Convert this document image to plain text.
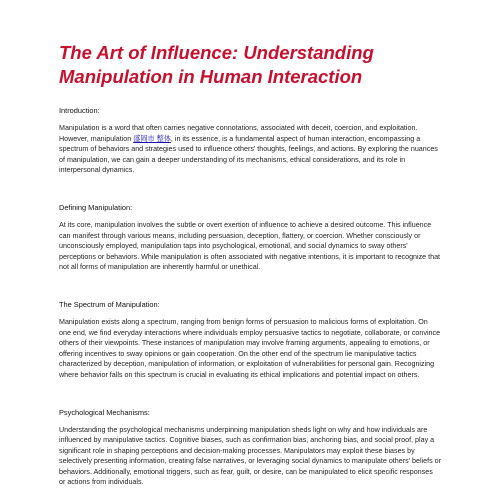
The Art of Influence: Understanding
Manipulation in Human Interaction
Introduction:

Manipulation is a word that often carries negative connotations, associated with deceit, coercion, and exploitation. However, manipulation 盛岡市 整体, in its essence, is a fundamental aspect of human interaction, encompassing a spectrum of behaviors and strategies used to influence others' thoughts, feelings, and actions. By exploring the nuances of manipulation, we can gain a deeper understanding of its mechanisms, ethical considerations, and its role in interpersonal dynamics.

Defining Manipulation:

At its core, manipulation involves the subtle or overt exertion of influence to achieve a desired outcome. This influence can manifest through various means, including persuasion, deception, flattery, or coercion. Whether consciously or unconsciously employed, manipulation taps into psychological, emotional, and social dynamics to sway others' perceptions or behaviors. While manipulation is often associated with negative intentions, it is important to recognize that not all forms of manipulation are inherently harmful or unethical.

The Spectrum of Manipulation:

Manipulation exists along a spectrum, ranging from benign forms of persuasion to malicious forms of exploitation. On one end, we find everyday interactions where individuals employ persuasive tactics to negotiate, collaborate, or convince others of their viewpoints. These instances of manipulation may involve framing arguments, appealing to emotions, or offering incentives to sway opinions or gain cooperation. On the other end of the spectrum lie manipulative tactics characterized by deception, manipulation of information, or exploitation of vulnerabilities for personal gain. Recognizing where behavior falls on this spectrum is crucial in evaluating its ethical implications and potential impact on others.

Psychological Mechanisms:

Understanding the psychological mechanisms underpinning manipulation sheds light on why and how individuals are influenced by manipulative tactics. Cognitive biases, such as confirmation bias, anchoring bias, and social proof, play a significant role in shaping perceptions and decision-making processes. Manipulators may exploit these biases by selectively presenting information, creating false narratives, or leveraging social dynamics to manipulate others' beliefs or behaviors. Additionally, emotional triggers, such as fear, guilt, or desire, can be manipulated to elicit specific responses or actions from individuals.
